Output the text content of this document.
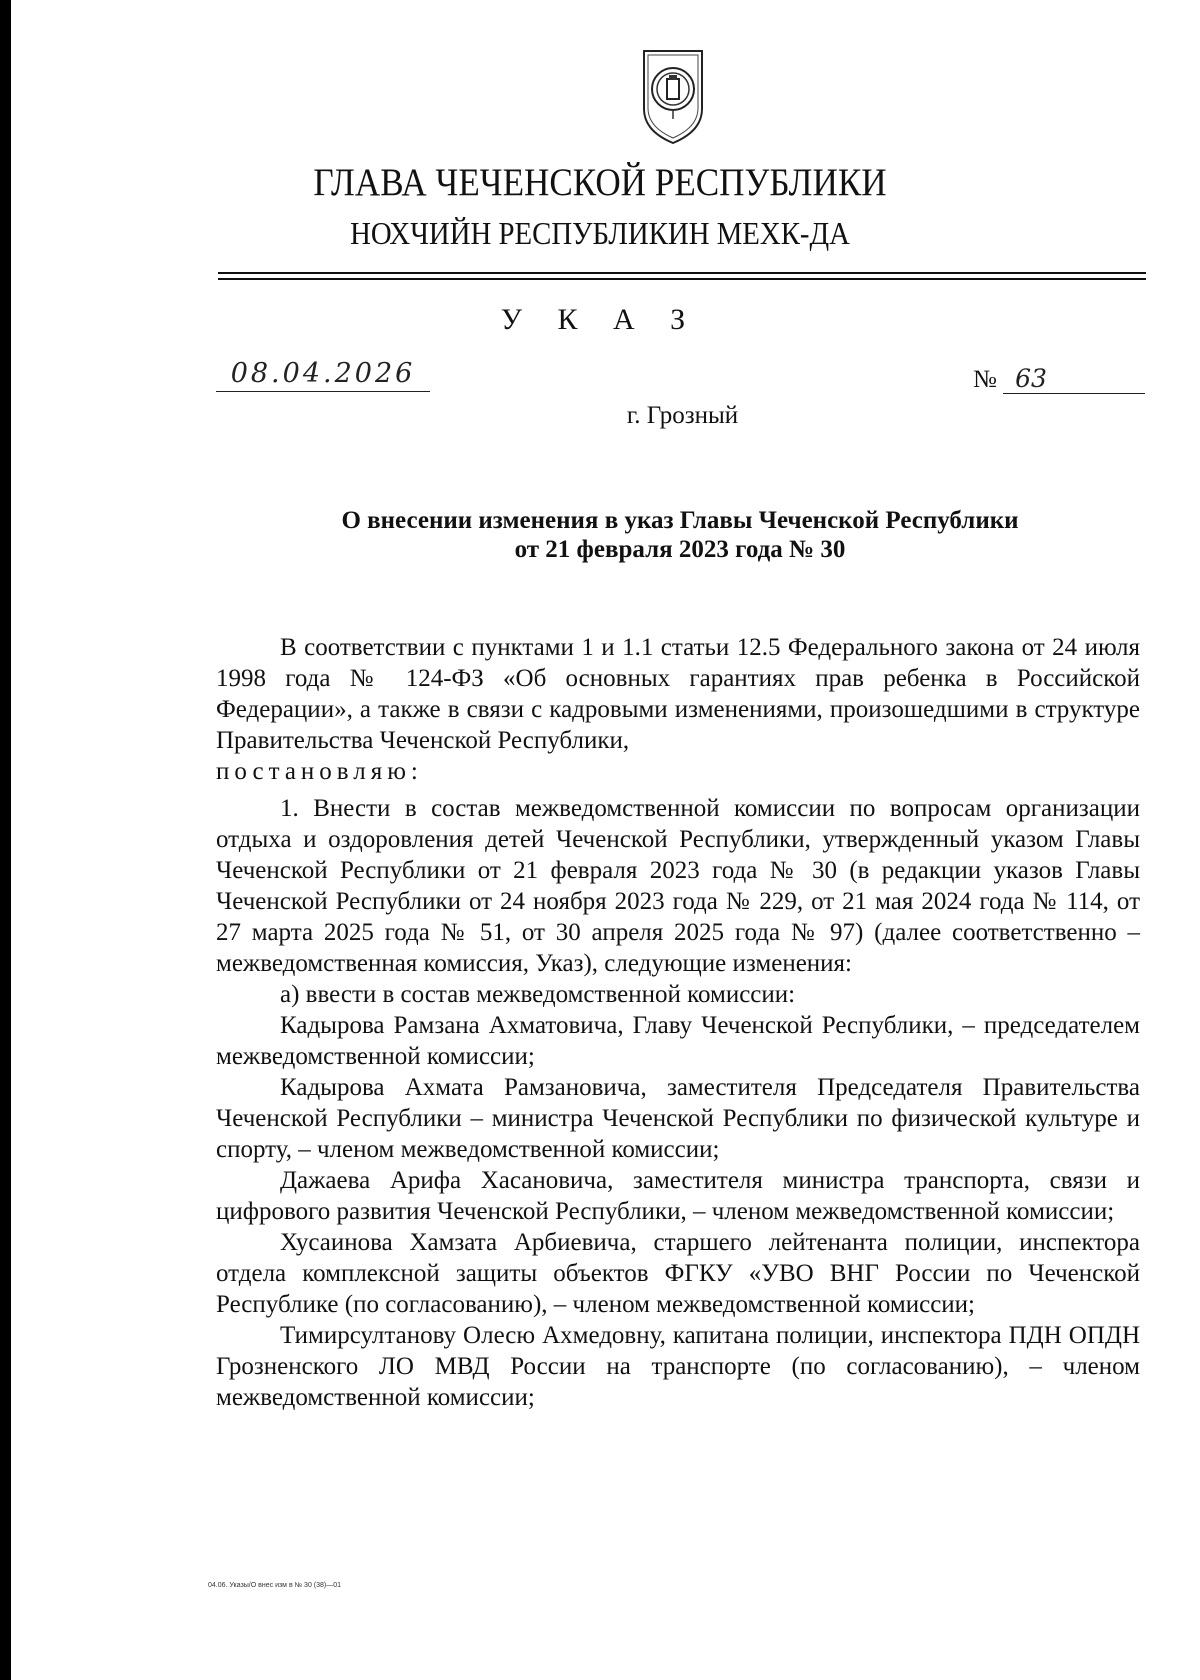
ГЛАВА ЧЕЧЕНСКОЙ РЕСПУБЛИКИ
НОХЧИЙН РЕСПУБЛИКИН МЕХК-ДА
У К А З
08.04.2026	№ 63
г. Грозный
О внесении изменения в указ Главы Чеченской Республики
от 21 февраля 2023 года № 30

В соответствии с пунктами 1 и 1.1 статьи 12.5 Федерального закона от 24 июля 1998 года № 124-ФЗ «Об основных гарантиях прав ребенка в Российской Федерации», а также в связи с кадровыми изменениями, произошедшими в структуре Правительства Чеченской Республики,

постановляю:

1. Внести в состав межведомственной комиссии по вопросам организации отдыха и оздоровления детей Чеченской Республики, утвержденный указом Главы Чеченской Республики от 21 февраля 2023 года № 30 (в редакции указов Главы Чеченской Республики от 24 ноября 2023 года № 229, от 21 мая 2024 года № 114, от 27 марта 2025 года № 51, от 30 апреля 2025 года № 97) (далее соответственно – межведомственная комиссия, Указ), следующие изменения:

а) ввести в состав межведомственной комиссии:

Кадырова Рамзана Ахматовича, Главу Чеченской Республики, – председателем межведомственной комиссии;

Кадырова Ахмата Рамзановича, заместителя Председателя Правительства Чеченской Республики – министра Чеченской Республики по физической культуре и спорту, – членом межведомственной комиссии;

Дажаева Арифа Хасановича, заместителя министра транспорта, связи и цифрового развития Чеченской Республики, – членом межведомственной комиссии;

Хусаинова Хамзата Арбиевича, старшего лейтенанта полиции, инспектора отдела комплексной защиты объектов ФГКУ «УВО ВНГ России по Чеченской Республике (по согласованию), – членом межведомственной комиссии;

Тимирсултанову Олесю Ахмедовну, капитана полиции, инспектора ПДН ОПДН Грозненского ЛО МВД России на транспорте (по согласованию), – членом межведомственной комиссии;

04.06. Указы/О внес изм в № 30 (38)—01
